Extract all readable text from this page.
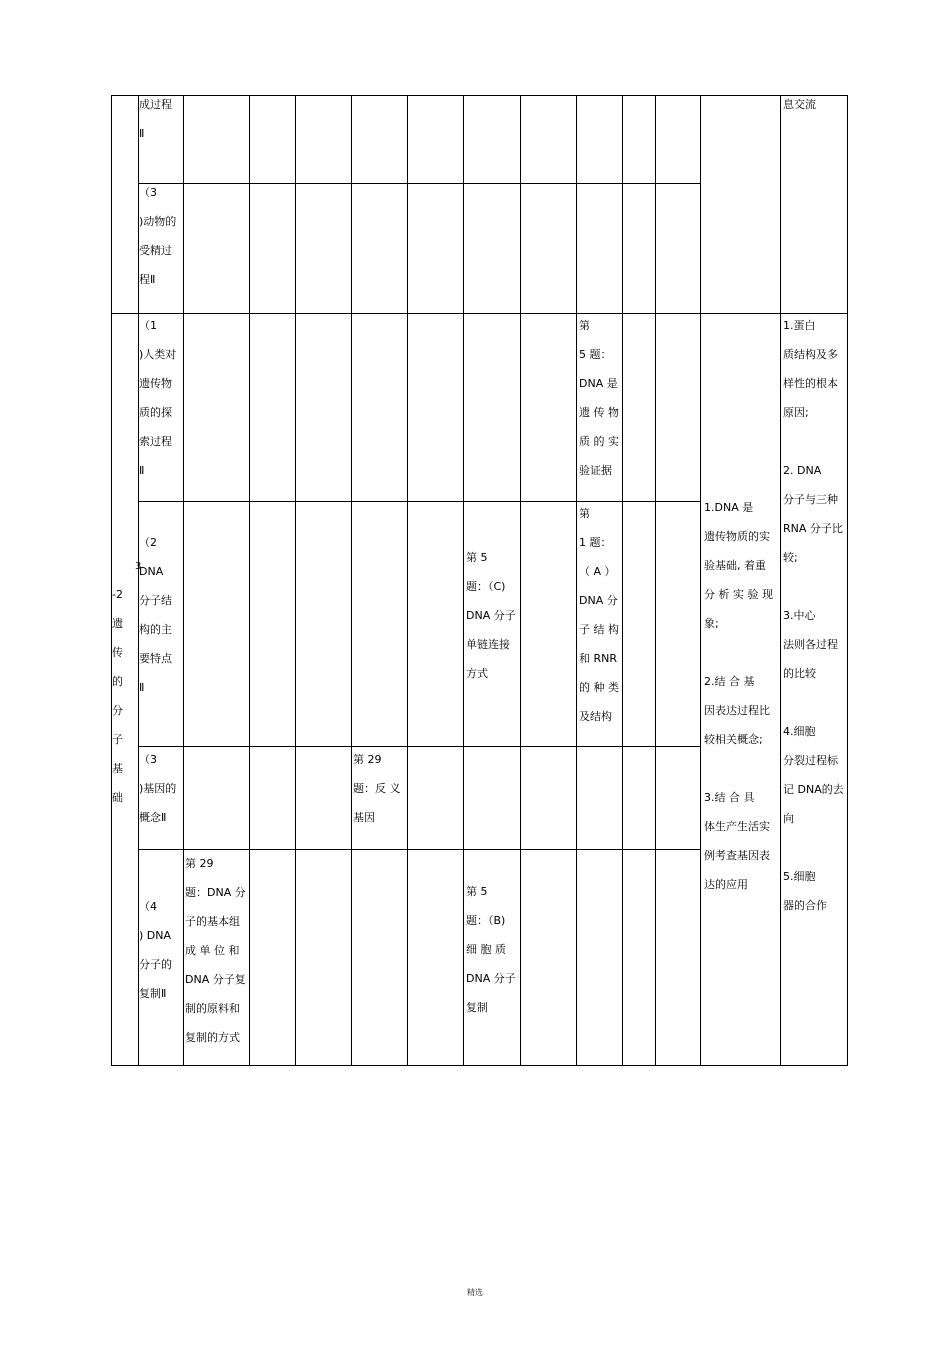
成过程
Ⅱ
（3
)动物的
受精过
程Ⅱ
息交流
-2
遗
传
的
分
子
基
础
3
（1
)人类对
遗传物
质的探
索过程
Ⅱ
（2
DNA
分子结
构的主
要特点
Ⅱ
（3
)基因的
概念Ⅱ
（4
) DNA
分子的
复制Ⅱ
第 29
题：DNA 分
子的基本组
成 单 位 和
DNA 分子复
制的原料和
复制的方式
第 29
题：反 义
基因
第 5
题：（C)
DNA 分子
单链连接
方式
第 5
题：（B)
细 胞 质
DNA 分子
复制
第
5 题：
DNA 是
遗 传 物
质 的 实
验证据
第
1 题：
（ A ）
DNA 分
子 结 构
和 RNR
的 种 类
及结构
1.DNA 是
遗传物质的实
验基础, 着重
分 析 实 验 现
象;

2.结 合 基
因表达过程比
较相关概念;

3.结 合 具
体生产生活实
例考查基因表
达的应用
1.蛋白
质结构及多
样性的根本
原因;

2. DNA
分子与三种
RNA 分子比
较;

3.中心
法则各过程
的比较

4.细胞
分裂过程标
记 DNA的去
向

5.细胞
器的合作
精选
